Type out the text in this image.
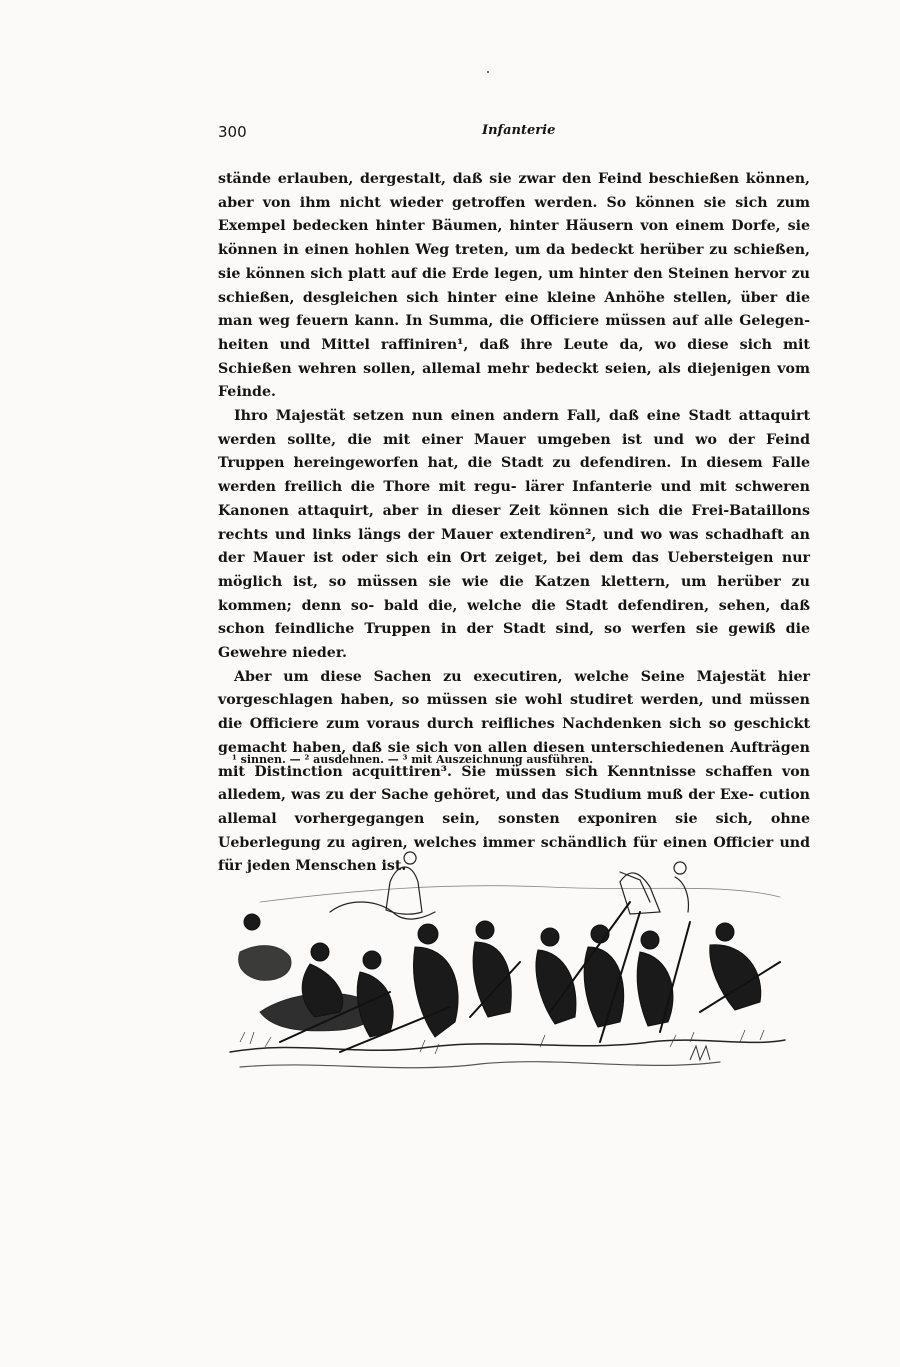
300	Infanterie

stände erlauben, dergestalt, daß sie zwar den Feind beschießen können, aber von ihm nicht wieder getroffen werden. So können sie sich zum Exempel bedecken hinter Bäumen, hinter Häusern von einem Dorfe, sie können in einen hohlen Weg treten, um da bedeckt herüber zu schießen, sie können sich platt auf die Erde legen, um hinter den Steinen hervor zu schießen, desgleichen sich hinter eine kleine Anhöhe stellen, über die man weg feuern kann. In Summa, die Officiere müssen auf alle Gelegen- heiten und Mittel raffiniren¹, daß ihre Leute da, wo diese sich mit Schießen wehren sollen, allemal mehr bedeckt seien, als diejenigen vom Feinde.

Ihro Majestät setzen nun einen andern Fall, daß eine Stadt attaquirt werden sollte, die mit einer Mauer umgeben ist und wo der Feind Truppen hereingeworfen hat, die Stadt zu defendiren. In diesem Falle werden freilich die Thore mit regu- lärer Infanterie und mit schweren Kanonen attaquirt, aber in dieser Zeit können sich die Frei-Bataillons rechts und links längs der Mauer extendiren², und wo was schadhaft an der Mauer ist oder sich ein Ort zeiget, bei dem das Uebersteigen nur möglich ist, so müssen sie wie die Katzen klettern, um herüber zu kommen; denn so- bald die, welche die Stadt defendiren, sehen, daß schon feindliche Truppen in der Stadt sind, so werfen sie gewiß die Gewehre nieder.

Aber um diese Sachen zu executiren, welche Seine Majestät hier vorgeschlagen haben, so müssen sie wohl studiret werden, und müssen die Officiere zum voraus durch reifliches Nachdenken sich so geschickt gemacht haben, daß sie sich von allen diesen unterschiedenen Aufträgen mit Distinction acquittiren³. Sie müssen sich Kenntnisse schaffen von alledem, was zu der Sache gehöret, und das Studium muß der Exe- cution allemal vorhergegangen sein, sonsten exponiren sie sich, ohne Ueberlegung zu agiren, welches immer schändlich für einen Officier und für jeden Menschen ist.

¹ sinnen. — ² ausdehnen. — ³ mit Auszeichnung ausführen.
